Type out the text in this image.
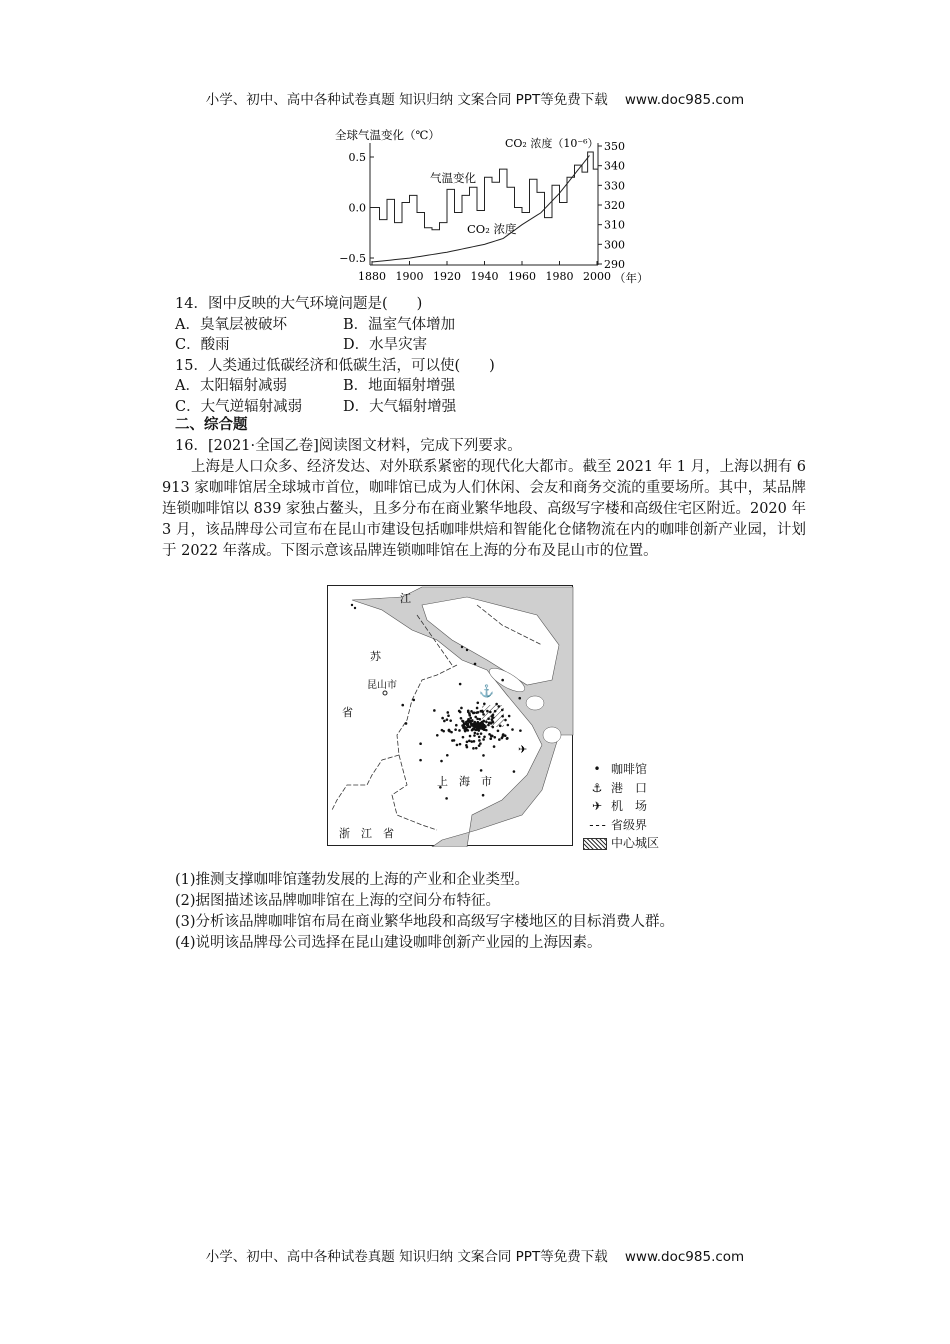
小学、初中、高中各种试卷真题 知识归纳 文案合同 PPT等免费下载 www.doc985.com
全球气温变化（℃）
CO₂ 浓度（10⁻⁶）
气温变化
CO₂ 浓度
1880 1900 1920 1940 1960 1980 2000
0.5
0.0
−0.5
350
340
330
320
310
300
290
（年）
14．图中反映的大气环境问题是(　　)
A．臭氧层被破坏	B．温室气体增加
C．酸雨	D．水旱灾害
15．人类通过低碳经济和低碳生活，可以使(　　)
A．太阳辐射减弱	B．地面辐射增强
C．大气逆辐射减弱	D．大气辐射增强
二、综合题
16．[2021·全国乙卷]阅读图文材料，完成下列要求。
上海是人口众多、经济发达、对外联系紧密的现代化大都市。截至 2021 年 1 月，上海以拥有 6 913 家咖啡馆居全球城市首位，咖啡馆已成为人们休闲、会友和商务交流的重要场所。其中，某品牌连锁咖啡馆以 839 家独占鳌头，且多分布在商业繁华地段、高级写字楼和高级住宅区附近。2020 年 3 月，该品牌母公司宣布在昆山市建设包括咖啡烘焙和智能化仓储物流在内的咖啡创新产业园，计划于 2022 年落成。下图示意该品牌连锁咖啡馆在上海的分布及昆山市的位置。
⚓
✈
江
苏
昆山市
省
上　海　市
浙　江　省
• 咖啡馆
⚓ 港　口
✈ 机　场
- - - 省级界
中心城区
(1)推测支撑咖啡馆蓬勃发展的上海的产业和企业类型。
(2)据图描述该品牌咖啡馆在上海的空间分布特征。
(3)分析该品牌咖啡馆布局在商业繁华地段和高级写字楼地区的目标消费人群。
(4)说明该品牌母公司选择在昆山建设咖啡创新产业园的上海因素。
小学、初中、高中各种试卷真题 知识归纳 文案合同 PPT等免费下载 www.doc985.com
